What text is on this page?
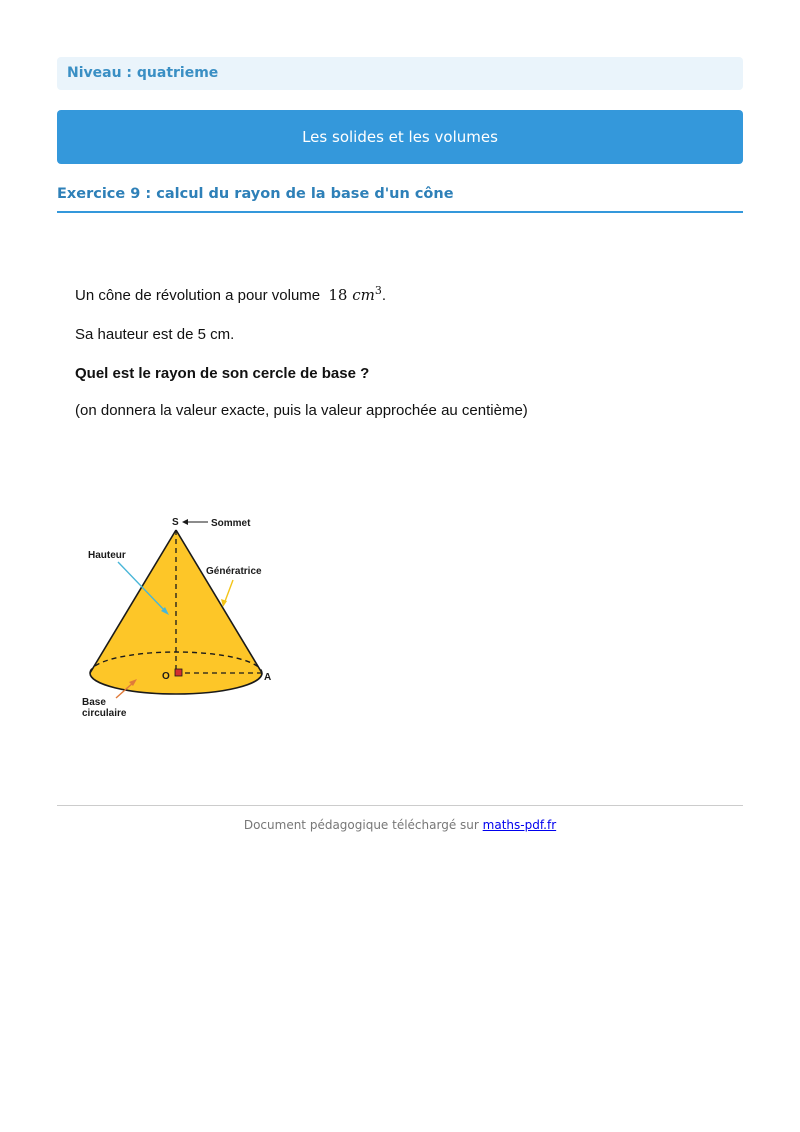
Niveau : quatrieme
Les solides et les volumes
Exercice 9 : calcul du rayon de la base d'un cône

Un cône de révolution a pour volume 18 $cm^3$.

Sa hauteur est de 5 cm.

Quel est le rayon de son cercle de base ?

(on donnera la valeur exacte, puis la valeur approchée au centième)

S	Sommet
Hauteur
Génératrice
O	A
Base
circulaire
Document pédagogique téléchargé sur maths-pdf.fr
